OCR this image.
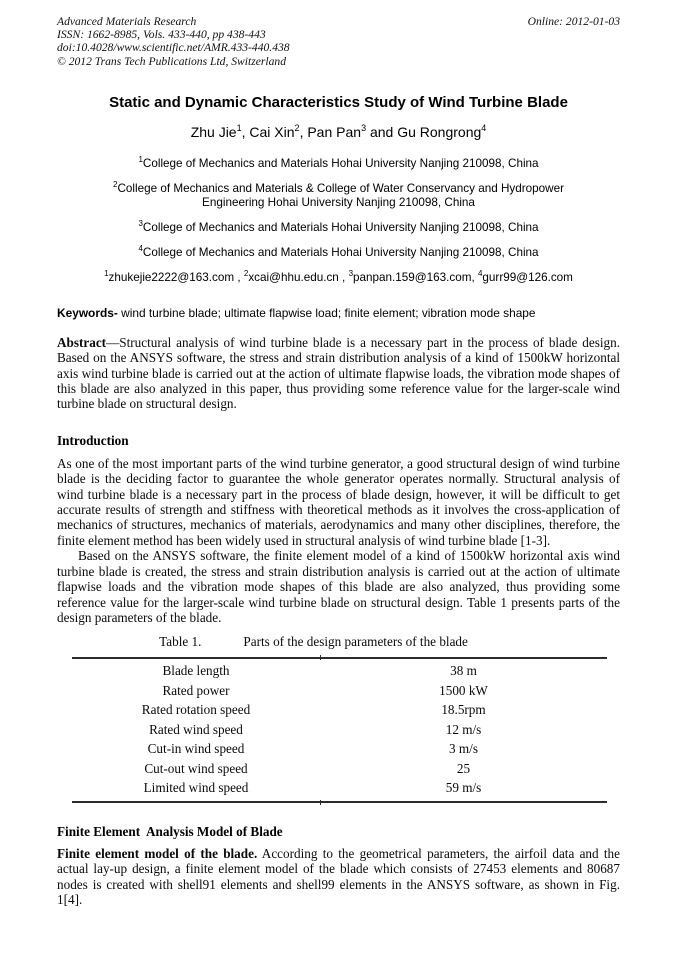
Advanced Materials Research
ISSN: 1662-8985, Vols. 433-440, pp 438-443
doi:10.4028/www.scientific.net/AMR.433-440.438
© 2012 Trans Tech Publications Ltd, Switzerland
Online: 2012-01-03
Static and Dynamic Characteristics Study of Wind Turbine Blade
Zhu Jie$^1$, Cai Xin$^2$, Pan Pan$^3$ and Gu Rongrong$^4$
$^1$College of Mechanics and Materials Hohai University Nanjing 210098, China
$^2$College of Mechanics and Materials & College of Water Conservancy and Hydropower
Engineering Hohai University Nanjing 210098, China
$^3$College of Mechanics and Materials Hohai University Nanjing 210098, China
$^4$College of Mechanics and Materials Hohai University Nanjing 210098, China
$^1$zhukejie2222@163.com , $^2$xcai@hhu.edu.cn , $^3$panpan.159@163.com, $^4$gurr99@126.com
Keywords- wind turbine blade; ultimate flapwise load; finite element; vibration mode shape

Abstract—Structural analysis of wind turbine blade is a necessary part in the process of blade design. Based on the ANSYS software, the stress and strain distribution analysis of a kind of 1500kW horizontal axis wind turbine blade is carried out at the action of ultimate flapwise loads, the vibration mode shapes of this blade are also analyzed in this paper, thus providing some reference value for the larger-scale wind turbine blade on structural design.

Introduction

As one of the most important parts of the wind turbine generator, a good structural design of wind turbine blade is the deciding factor to guarantee the whole generator operates normally. Structural analysis of wind turbine blade is a necessary part in the process of blade design, however, it will be difficult to get accurate results of strength and stiffness with theoretical methods as it involves the cross-application of mechanics of structures, mechanics of materials, aerodynamics and many other disciplines, therefore, the finite element method has been widely used in structural analysis of wind turbine blade [1-3].

Based on the ANSYS software, the finite element model of a kind of 1500kW horizontal axis wind turbine blade is created, the stress and strain distribution analysis is carried out at the action of ultimate flapwise loads and the vibration mode shapes of this blade are also analyzed, thus providing some reference value for the larger-scale wind turbine blade on structural design. Table 1 presents parts of the design parameters of the blade.

Table 1.	Parts of the design parameters of the blade
Blade length	38 m
Rated power	1500 kW
Rated rotation speed	18.5rpm
Rated wind speed	12 m/s
Cut-in wind speed	3 m/s
Cut-out wind speed	25
Limited wind speed	59 m/s
Finite Element  Analysis Model of Blade

Finite element model of the blade. According to the geometrical parameters, the airfoil data and the actual lay-up design, a finite element model of the blade which consists of 27453 elements and 80687 nodes is created with shell91 elements and shell99 elements in the ANSYS software, as shown in Fig. 1[4].
